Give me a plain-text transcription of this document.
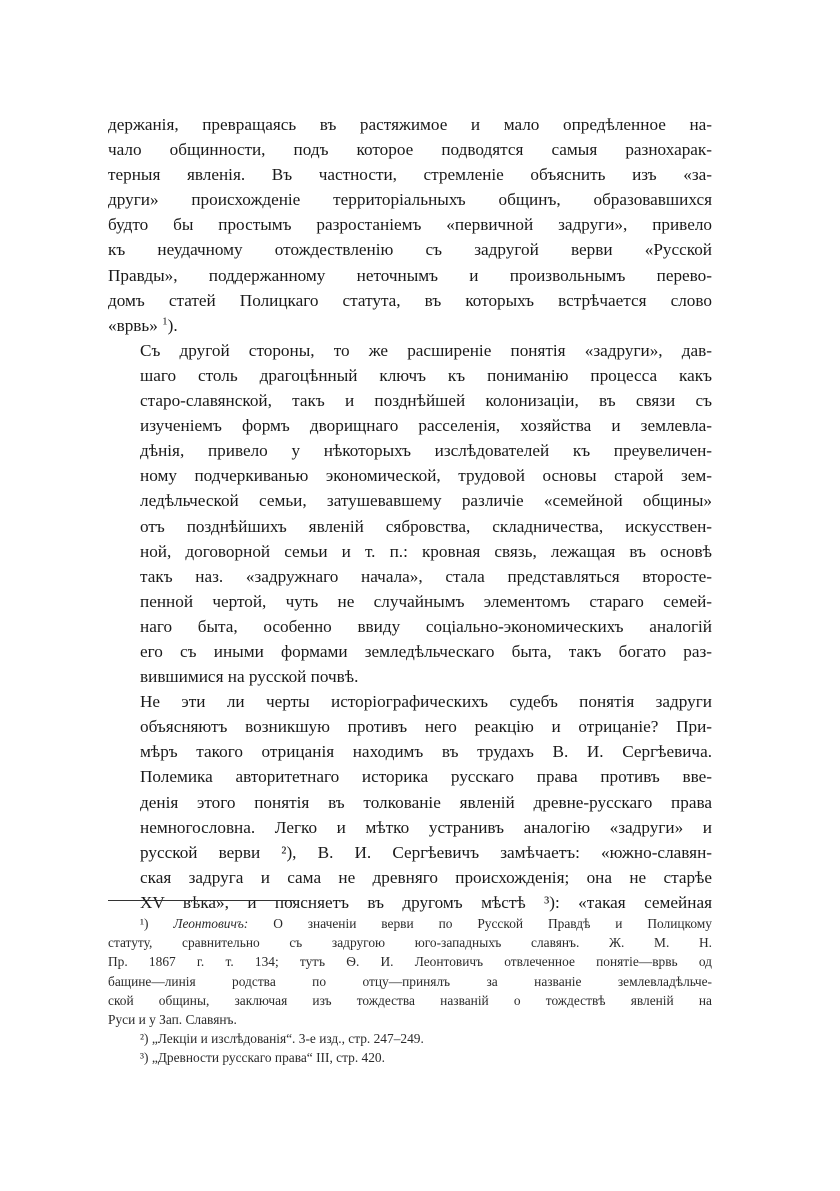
держанія, превращаясь въ растяжимое и мало опредѣленное на-
чало общинности, подъ которое подводятся самыя разнохарак-
терныя явленія. Въ частности, стремленіе объяснить изъ «за-
други» происхожденіе территоріальныхъ общинъ, образовавшихся
будто бы простымъ разростаніемъ «первичной задруги», привело
къ неудачному отождествленію съ задругой верви «Русской
Правды», поддержанному неточнымъ и произвольнымъ перево-
домъ статей Полицкаго статута, въ которыхъ встрѣчается слово
«врвь» $^1$).

Съ другой стороны, то же расширеніе понятія «задруги», дав-
шаго столь драгоцѣнный ключъ къ пониманію процесса какъ
старо-славянской, такъ и позднѣйшей колонизаціи, въ связи съ
изученіемъ формъ дворищнаго расселенія, хозяйства и землевла-
дѣнія, привело у нѣкоторыхъ изслѣдователей къ преувеличен-
ному подчеркиванью экономической, трудовой основы старой зем-
ледѣльческой семьи, затушевавшему различіе «семейной общины»
отъ позднѣйшихъ явленій сябровства, складничества, искусствен-
ной, договорной семьи и т. п.: кровная связь, лежащая въ основѣ
такъ наз. «задружнаго начала», стала представляться второсте-
пенной чертой, чуть не случайнымъ элементомъ стараго семей-
наго быта, особенно ввиду соціально-экономическихъ аналогій
его съ иными формами земледѣльческаго быта, такъ богато раз-
вившимися на русской почвѣ.

Не эти ли черты исторіографическихъ судебъ понятія задруги
объясняютъ возникшую противъ него реакцію и отрицаніе? При-
мѣръ такого отрицанія находимъ въ трудахъ В. И. Сергѣевича.
Полемика авторитетнаго историка русскаго права противъ вве-
денія этого понятія въ толкованіе явленій древне-русскаго права
немногословна. Легко и мѣтко устранивъ аналогію «задруги» и
русской верви ²), В. И. Сергѣевичъ замѣчаетъ: «южно-славян-
ская задруга и сама не древняго происхожденія; она не старѣе
XV вѣка», и поясняетъ въ другомъ мѣстѣ ³): «такая семейная

¹) Леонтовичъ: О значеніи верви по Русской Правдѣ и Полицкому
статуту, сравнительно съ задругою юго-западныхъ славянъ. Ж. М. Н.
Пр. 1867 г. т. 134; тутъ Ѳ. И. Леонтовичъ отвлеченное понятіе—врвь од
бащине—линія родства по отцу—принялъ за названіе землевладѣльче-
ской общины, заключая изъ тождества названій о тождествѣ явленій на
Руси и у Зап. Славянъ.
²) „Лекціи и изслѣдованія“. 3-е изд., стр. 247–249.
³) „Древности русскаго права“ III, стр. 420.
